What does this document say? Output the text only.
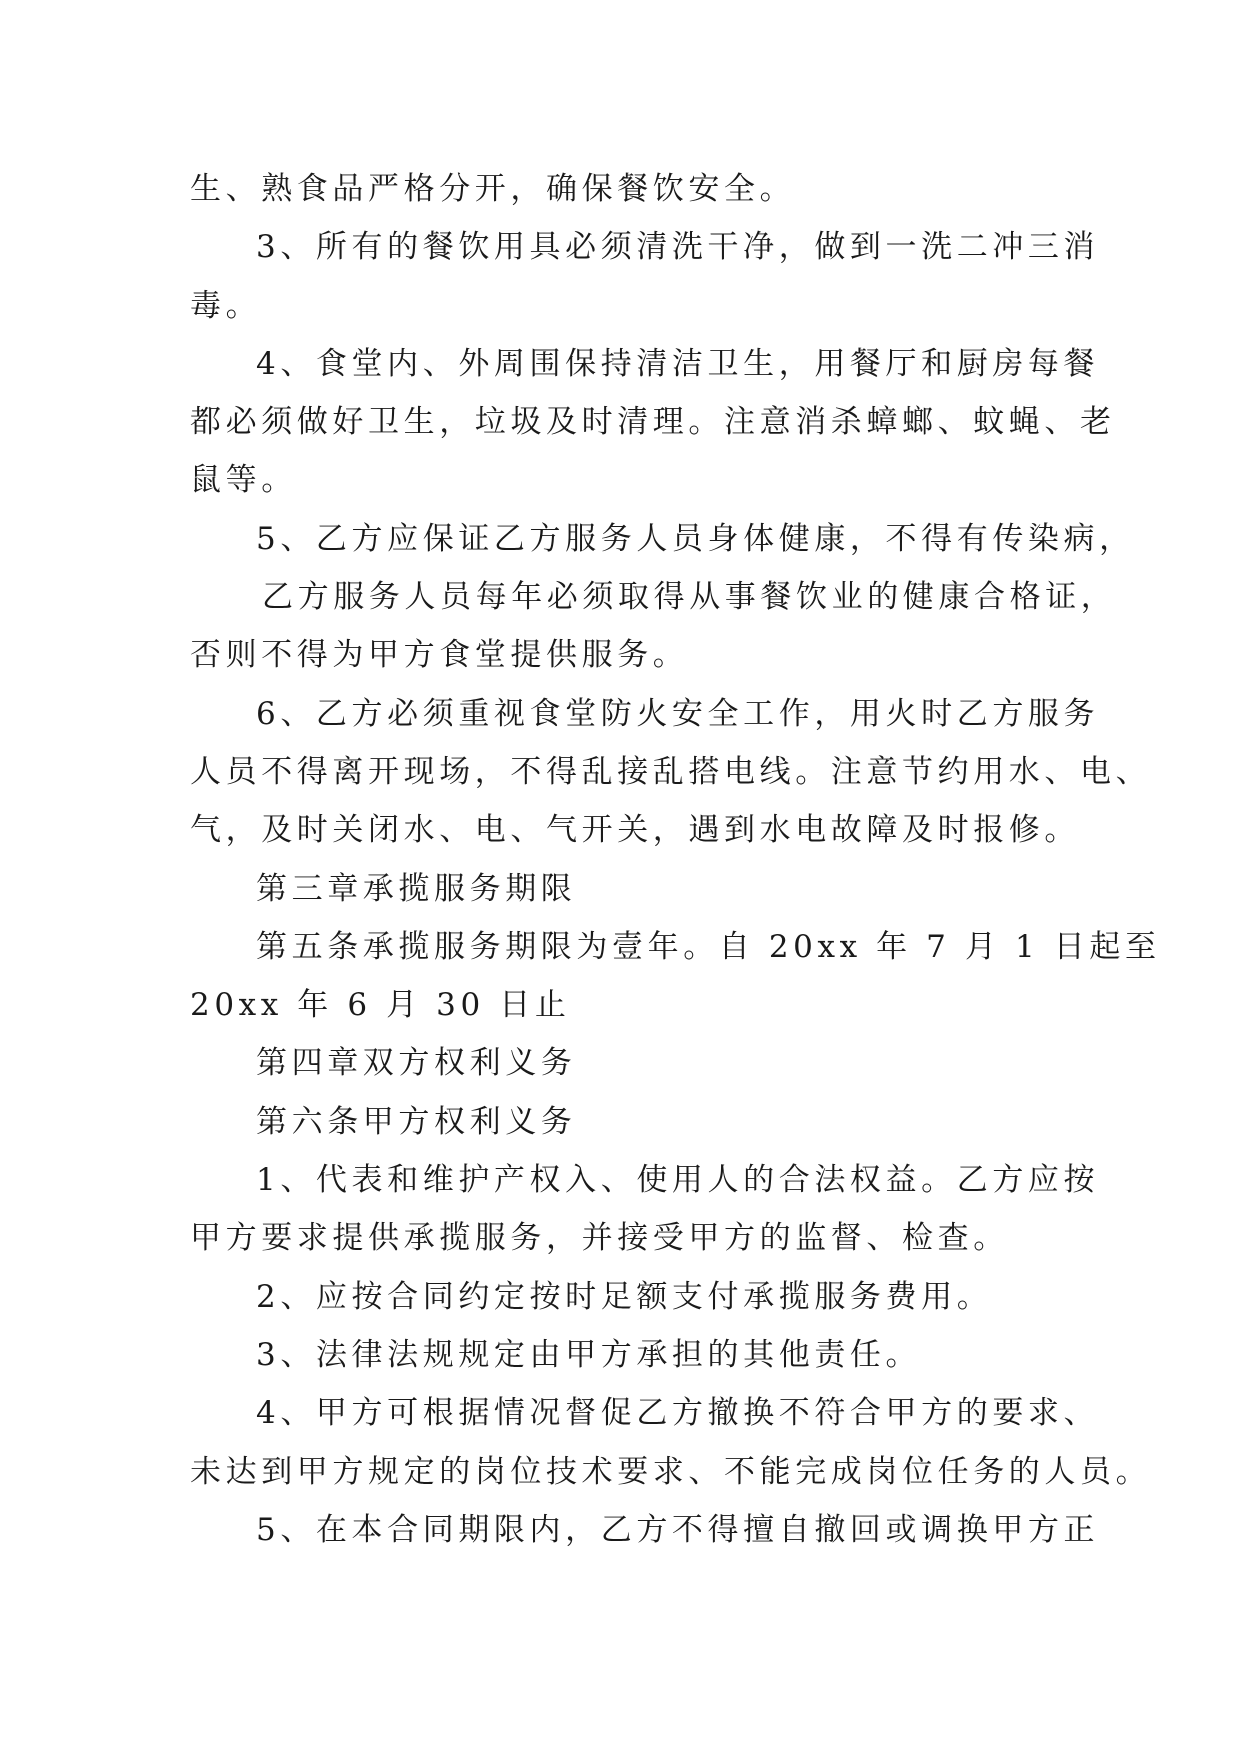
生、熟食品严格分开，确保餐饮安全。
3、所有的餐饮用具必须清洗干净，做到一洗二冲三消
毒。
4、食堂内、外周围保持清洁卫生，用餐厅和厨房每餐
都必须做好卫生，垃圾及时清理。注意消杀蟑螂、蚊蝇、老
鼠等。
5、乙方应保证乙方服务人员身体健康，不得有传染病，
乙方服务人员每年必须取得从事餐饮业的健康合格证，
否则不得为甲方食堂提供服务。
6、乙方必须重视食堂防火安全工作，用火时乙方服务
人员不得离开现场，不得乱接乱搭电线。注意节约用水、电、
气，及时关闭水、电、气开关，遇到水电故障及时报修。
第三章承揽服务期限
第五条承揽服务期限为壹年。自 20xx 年 7 月 1 日起至
20xx 年 6 月 30 日止
第四章双方权利义务
第六条甲方权利义务
1、代表和维护产权入、使用人的合法权益。乙方应按
甲方要求提供承揽服务，并接受甲方的监督、检查。
2、应按合同约定按时足额支付承揽服务费用。
3、法律法规规定由甲方承担的其他责任。
4、甲方可根据情况督促乙方撤换不符合甲方的要求、
未达到甲方规定的岗位技术要求、不能完成岗位任务的人员。
5、在本合同期限内，乙方不得擅自撤回或调换甲方正
